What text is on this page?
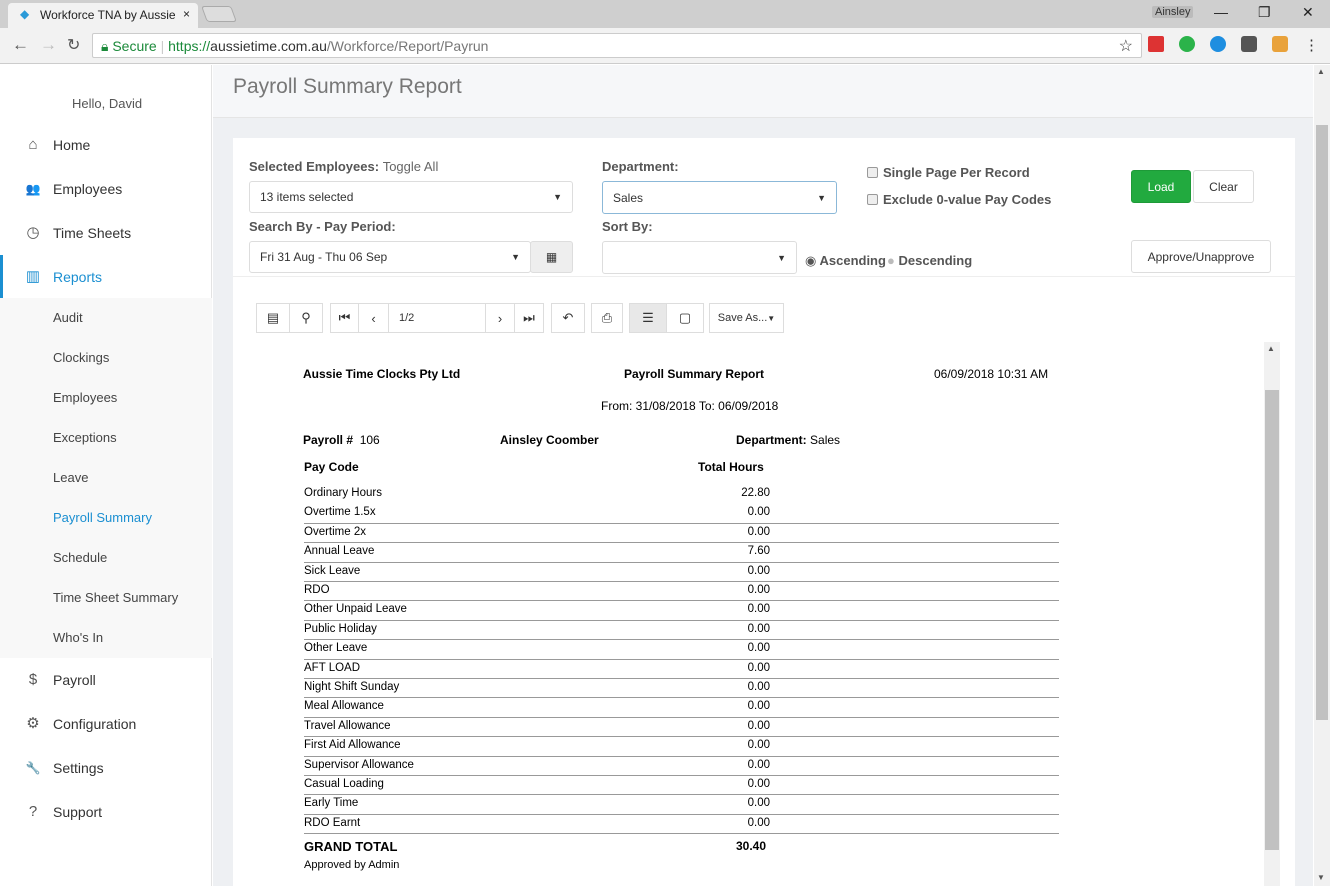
◆ Workforce TNA by Aussie ×	Ainsley — ❐ ✕
← → ↻	🔒︎ Secure | https://aussietime.com.au/Workforce/Report/Payrun	☆	⋮
Hello, David
⌂	Home
👥 Employees
◷ Time Sheets
▥ Reports
Audit
Clockings
Employees
Exceptions
Leave
Payroll Summary
Schedule
Time Sheet Summary
Who's In
$	Payroll
⚙ Configuration
🔧 Settings
?	Support
Payroll Summary Report
Selected Employees: Toggle All
13 items selected	▼
Search By - Pay Period:
Fri 31 Aug - Thu 06 Sep	▼ ▦
Department:
Sales	▼
Sort By:
▼ ◉ Ascending ● Descending
Single Page Per Record
Exclude 0-value Pay Codes
Load	Clear
Approve/Unapprove
▤ ⚲ ⏮ ‹	1/2	› ⏭ ↶ ⎙ ☰ ▢ Save As... ▼
Aussie Time Clocks Pty Ltd	Payroll Summary Report	06/09/2018 10:31 AM
From: 31/08/2018 To: 06/09/2018
Payroll # 106	Ainsley Coomber	Department: Sales
Pay Code	Total Hours
Ordinary Hours	22.80
Overtime 1.5x	0.00
Overtime 2x	0.00
Annual Leave	7.60
Sick Leave	0.00
RDO	0.00
Other Unpaid Leave	0.00
Public Holiday	0.00
Other Leave	0.00
AFT LOAD	0.00
Night Shift Sunday	0.00
Meal Allowance	0.00
Travel Allowance	0.00
First Aid Allowance	0.00
Supervisor Allowance	0.00
Casual Loading	0.00
Early Time	0.00
RDO Earnt	0.00
GRAND TOTAL	30.40
Approved by Admin
▲
▲
▼
